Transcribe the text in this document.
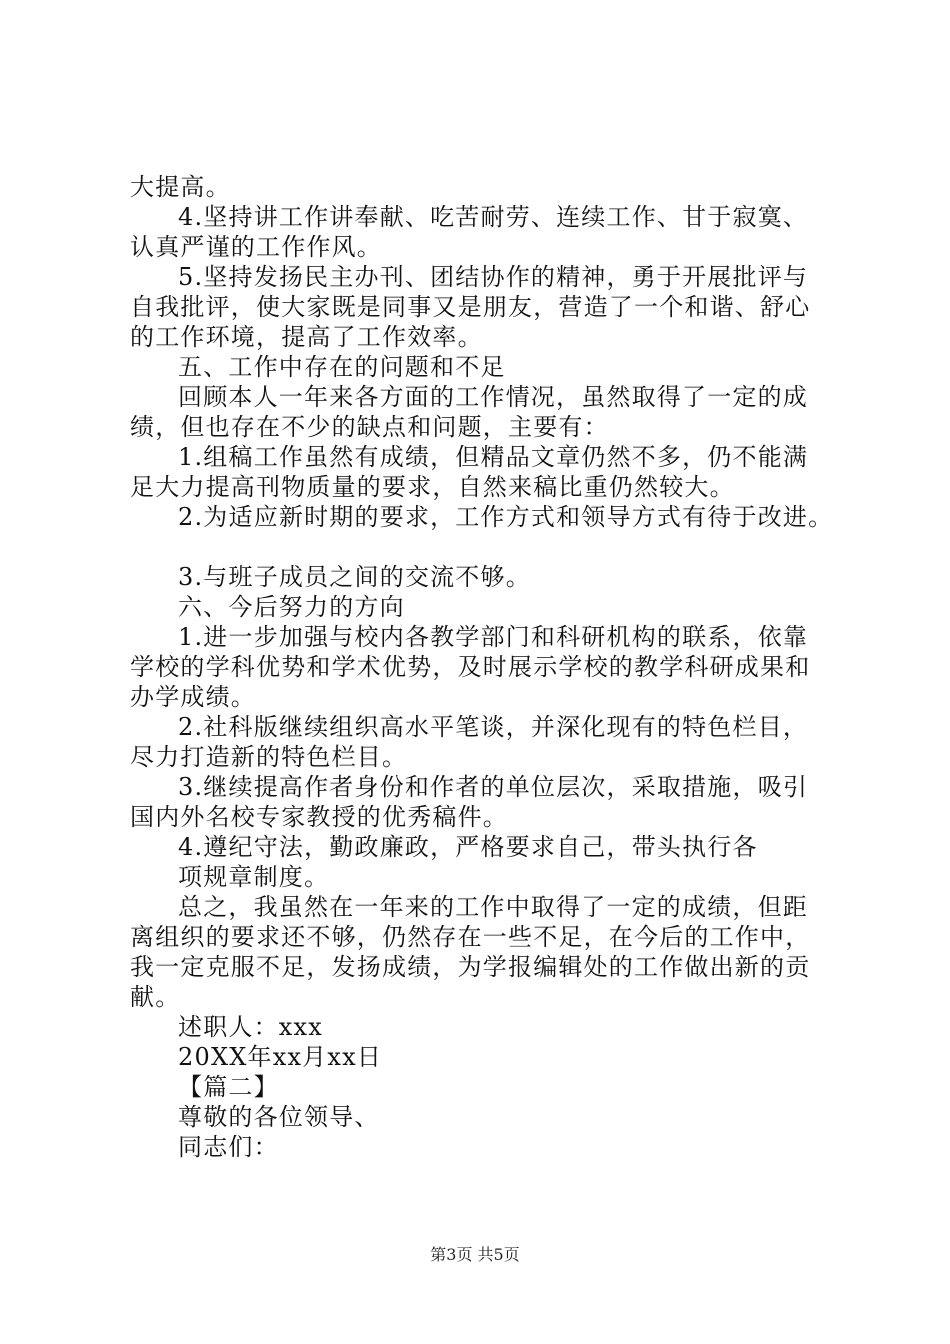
大提高。
4.坚持讲工作讲奉献、吃苦耐劳、连续工作、甘于寂寞、
认真严谨的工作作风。
5.坚持发扬民主办刊、团结协作的精神，勇于开展批评与
自我批评，使大家既是同事又是朋友，营造了一个和谐、舒心
的工作环境，提高了工作效率。
五、工作中存在的问题和不足
回顾本人一年来各方面的工作情况，虽然取得了一定的成
绩，但也存在不少的缺点和问题，主要有：
1.组稿工作虽然有成绩，但精品文章仍然不多，仍不能满
足大力提高刊物质量的要求，自然来稿比重仍然较大。
2.为适应新时期的要求，工作方式和领导方式有待于改进。
3.与班子成员之间的交流不够。
六、今后努力的方向
1.进一步加强与校内各教学部门和科研机构的联系，依靠
学校的学科优势和学术优势，及时展示学校的教学科研成果和
办学成绩。
2.社科版继续组织高水平笔谈，并深化现有的特色栏目，
尽力打造新的特色栏目。
3.继续提高作者身份和作者的单位层次，采取措施，吸引
国内外名校专家教授的优秀稿件。
4.遵纪守法，勤政廉政，严格要求自己，带头执行各
项规章制度。
总之，我虽然在一年来的工作中取得了一定的成绩，但距
离组织的要求还不够，仍然存在一些不足，在今后的工作中，
我一定克服不足，发扬成绩，为学报编辑处的工作做出新的贡
献。
述职人：xxx
20XX年xx月xx日
【篇二】
尊敬的各位领导、
同志们：
第3页 共5页
